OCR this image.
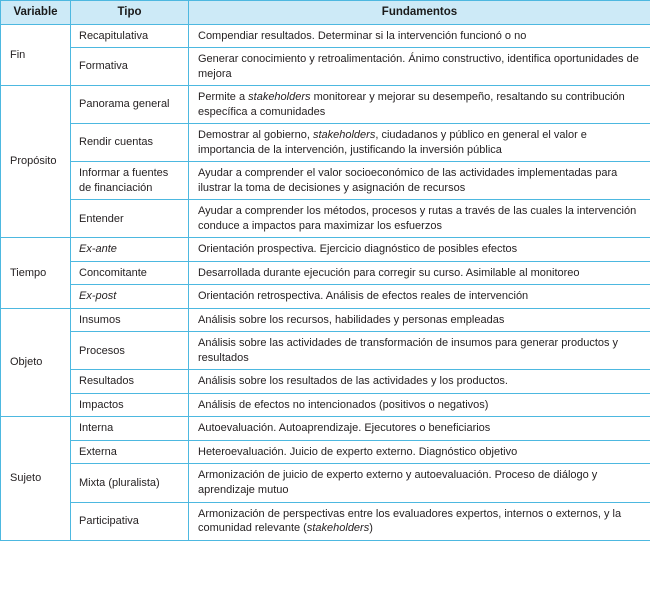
Variable	Tipo	Fundamentos
Fin	Recapitulativa	Compendiar resultados. Determinar si la intervención funcionó o no
	Formativa	Generar conocimiento y retroalimentación. Ánimo constructivo, identifica oportunidades de mejora
Propósito	Panorama general	Permite a stakeholders monitorear y mejorar su desempeño, resaltando su contribución específica a comunidades
	Rendir cuentas	Demostrar al gobierno, stakeholders, ciudadanos y público en general el valor e importancia de la intervención, justificando la inversión pública
	Informar a fuentes de financiación	Ayudar a comprender el valor socioeconómico de las actividades implementadas para ilustrar la toma de decisiones y asignación de recursos
	Entender	Ayudar a comprender los métodos, procesos y rutas a través de las cuales la intervención conduce a impactos para maximizar los esfuerzos
Tiempo	Ex-ante	Orientación prospectiva. Ejercicio diagnóstico de posibles efectos
	Concomitante	Desarrollada durante ejecución para corregir su curso. Asimilable al monitoreo
	Ex-post	Orientación retrospectiva. Análisis de efectos reales de intervención
Objeto	Insumos	Análisis sobre los recursos, habilidades y personas empleadas
	Procesos	Análisis sobre las actividades de transformación de insumos para generar productos y resultados
	Resultados	Análisis sobre los resultados de las actividades y los productos.
	Impactos	Análisis de efectos no intencionados (positivos o negativos)
Sujeto	Interna	Autoevaluación. Autoaprendizaje. Ejecutores o beneficiarios
	Externa	Heteroevaluación. Juicio de experto externo. Diagnóstico objetivo
	Mixta (pluralista)	Armonización de juicio de experto externo y autoevaluación. Proceso de diálogo y aprendizaje mutuo
	Participativa	Armonización de perspectivas entre los evaluadores expertos, internos o externos, y la comunidad relevante (stakeholders)
